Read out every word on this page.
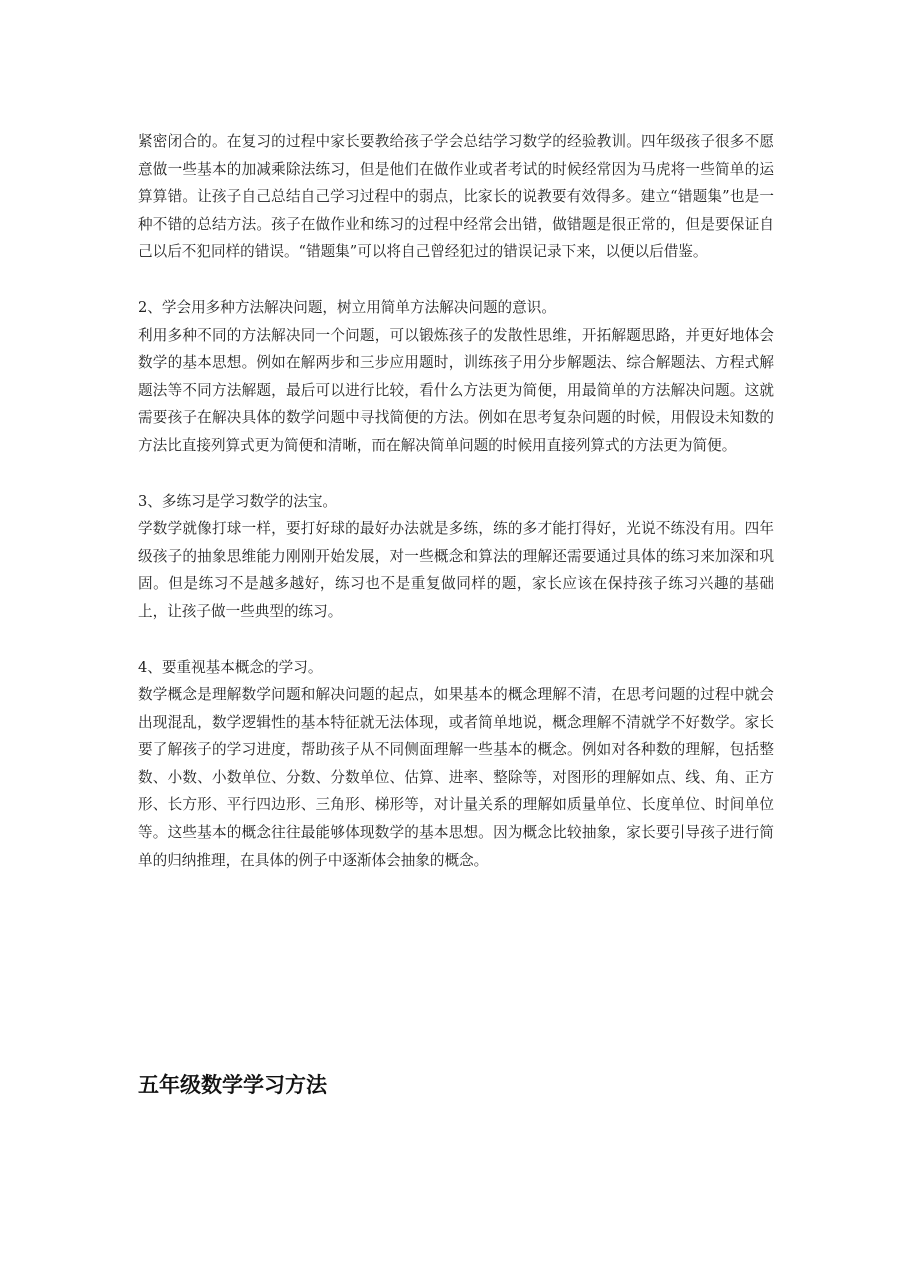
紧密闭合的。在复习的过程中家长要教给孩子学会总结学习数学的经验教训。四年级孩子很多不愿意做一些基本的加减乘除法练习，但是他们在做作业或者考试的时候经常因为马虎将一些简单的运算算错。让孩子自己总结自己学习过程中的弱点，比家长的说教要有效得多。建立“错题集”也是一种不错的总结方法。孩子在做作业和练习的过程中经常会出错，做错题是很正常的，但是要保证自己以后不犯同样的错误。“错题集”可以将自己曾经犯过的错误记录下来，以便以后借鉴。

2、学会用多种方法解决问题，树立用简单方法解决问题的意识。

利用多种不同的方法解决同一个问题，可以锻炼孩子的发散性思维，开拓解题思路，并更好地体会数学的基本思想。例如在解两步和三步应用题时，训练孩子用分步解题法、综合解题法、方程式解题法等不同方法解题，最后可以进行比较，看什么方法更为简便，用最简单的方法解决问题。这就需要孩子在解决具体的数学问题中寻找简便的方法。例如在思考复杂问题的时候，用假设未知数的方法比直接列算式更为简便和清晰，而在解决简单问题的时候用直接列算式的方法更为简便。

3、多练习是学习数学的法宝。

学数学就像打球一样，要打好球的最好办法就是多练，练的多才能打得好，光说不练没有用。四年级孩子的抽象思维能力刚刚开始发展，对一些概念和算法的理解还需要通过具体的练习来加深和巩固。但是练习不是越多越好，练习也不是重复做同样的题，家长应该在保持孩子练习兴趣的基础上，让孩子做一些典型的练习。

4、要重视基本概念的学习。

数学概念是理解数学问题和解决问题的起点，如果基本的概念理解不清，在思考问题的过程中就会出现混乱，数学逻辑性的基本特征就无法体现，或者简单地说，概念理解不清就学不好数学。家长要了解孩子的学习进度，帮助孩子从不同侧面理解一些基本的概念。例如对各种数的理解，包括整数、小数、小数单位、分数、分数单位、估算、进率、整除等，对图形的理解如点、线、角、正方形、长方形、平行四边形、三角形、梯形等，对计量关系的理解如质量单位、长度单位、时间单位等。这些基本的概念往往最能够体现数学的基本思想。因为概念比较抽象，家长要引导孩子进行简单的归纳推理，在具体的例子中逐渐体会抽象的概念。

五年级数学学习方法
